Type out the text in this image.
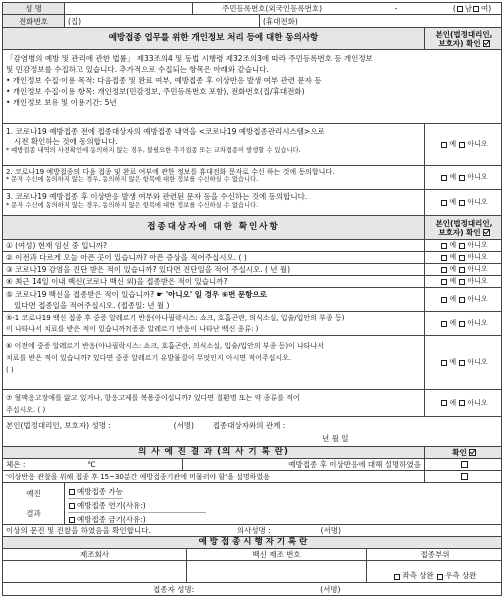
성 명	주민등록번호(외국인등록번호)	-	( 남 여 )
전화번호	(집)	(휴대전화)
예방접종 업무를 위한 개인정보 처리 등에 대한 동의사항	본인(법정대리인,
보호자) 확인
「감염병의 예방 및 관리에 관한 법률」 제33조의4 및 동법 시행령 제32조의3에 따라 주민등록번호 등 개인정보
및 민감정보를 수집하고 있습니다. 추가적으로 수집되는 항목은 아래와 같습니다.
• 개인정보 수집·이용 목적: 다음접종 및 완료 여부, 예방접종 후 이상반응 발생 여부 관련 문자 등
• 개인정보 수집·이용 항목: 개인정보(민감정보, 주민등록번호 포함), 전화번호(집/휴대전화)
• 개인정보 보유 및 이용기간: 5년
1. 코로나19 예방접종 전에 접종대상자의 예방접종 내역을 <코로나19 예방접종관리시스템>으로
시전 확인하는 것에 동의합니다.
* 예방접종 내역의 사전확인에 동의하지 않는 경우, 불필요한 추가접종 또는 교차접종이 발생할 수 있습니다.
예
아니오
2. 코로나19 예방접종의 다음 접종 및 완료 여부에 관한 정보를 휴대전화 문자로 수신 하는 것에 동의합니다.
* 문자 수신에 동의하지 않는 경우, 동의하지 않은 항목에 대한 정보를 수신하실 수 없습니다.	예
아니오
3. 코로나19 예방접종 후 이상반응 발생 여부와 관련된 문자 등을 수신하는 것에 동의합니다.
* 문자 수신에 동의하지 않는 경우, 동의하지 않은 항목에 대한 정보를 수신하실 수 없습니다.	예
아니오
접종대상자에 대한 확인사항	본인(법정대리인,
보호자) 확인
① (여성) 현재 임신 중 입니까?	예
아니오
② 이전과 다르게 오늘 아픈 곳이 있습니까? 아픈 증상을 적어주십시오. ( )	예
아니오
③ 코로나19 감염을 진단 받은 적이 있습니까? 있다면 진단일을 적어 주십시오. ( 년 월)	예
아니오
④ 최근 14일 이내 백신(코로나 백신 외)을 접종받은 적이 있습니까?	예
아니오
⑤ 코로나19 백신을 접종받은 적이 있습니까? ☛ '아니오' 일 경우 ⑥번 문항으로
있다면 접종일을 적어주십시오. (접종일: 년 월 )
예
아니오
⑤-1 코로나19 백신 접종 후 중증 알레르기 반응(아나필락시스: 쇼크, 호흡곤란, 의식소실, 입술/입안의 부종 등)
이 나타나서 치료를 받은 적이 있습니까?(증증 알레르기 반응이 나타난 백신 종류: )
예
아니오
⑥ 이전에 중증 알레르기 반응(아나필락시스: 쇼크, 호흡곤란, 의식소실, 입술/입안의 부종 등)이 나타나서
치료를 받은 적이 있습니까? 있다면 중증 알레르기 유발물질이 무엇인지 아시면 적어주십시오.
( )
예
아니오
⑦ 혈액응고장애를 앓고 있거나, 항응고제를 복용중이십니까? 있다면 질환명 또는 약 종류를 적어
주십시오. ( )
예
아니오
본인(법정대리인, 보호자) 성명 :	(서명)	접종대상자와의 관계 :
년 월 일
의 사 예 진 결 과 (의 사 기 록 란)	확인
체온 :	℃	예방접종 후 이상반응에 대해 설명하였음
'이상반응 관찰을 위해 접종 후 15~30분간 예방접종기관에 머물러야 함'을 설명하였음
예진
결과
예방접종 가능
예방접종 연기(사유: )
예방접종 금기(사유: )
이상의 문진 및 진찰을 하였음을 확인합니다.	의사성명 :	(서명)
예 방 접 종 시 행 자 기 록 란
제조회사	백신 제조 번호	접종부위
좌측 상완
우측 상완
접종자 성명:	(서명)
